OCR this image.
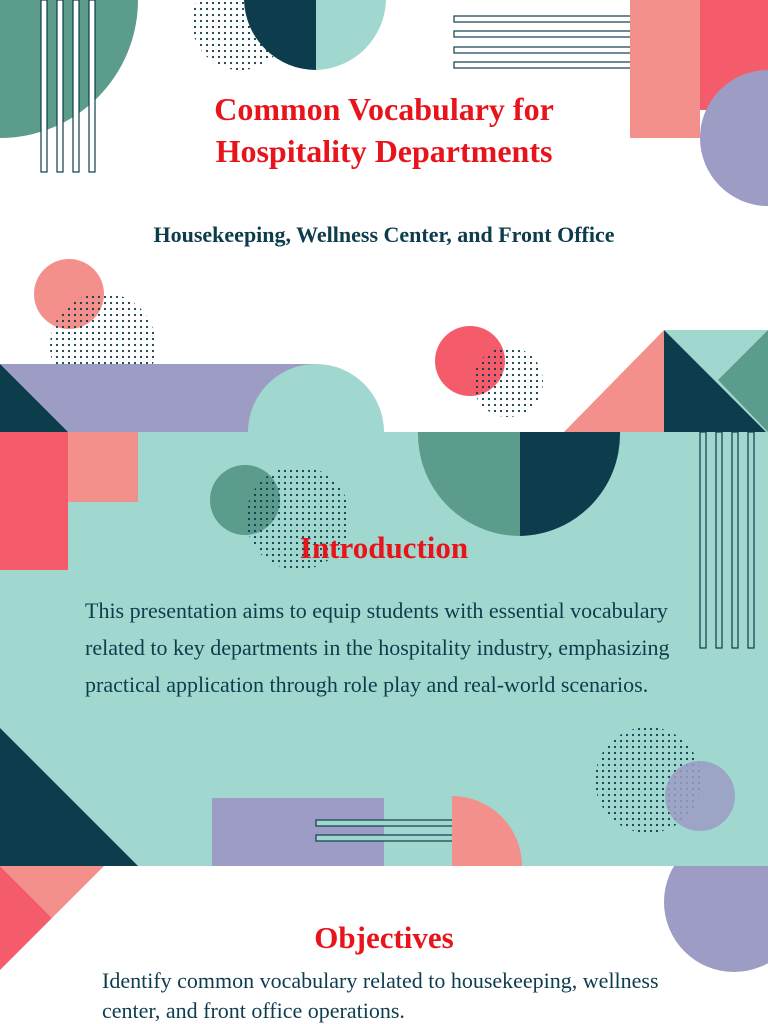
Common Vocabulary for
Hospitality Departments

Housekeeping, Wellness Center, and Front Office

Introduction

This presentation aims to equip students with essential vocabulary related to key departments in the hospitality industry, emphasizing practical application through role play and real-world scenarios.

Objectives

Identify common vocabulary related to housekeeping, wellness center, and front office operations.
